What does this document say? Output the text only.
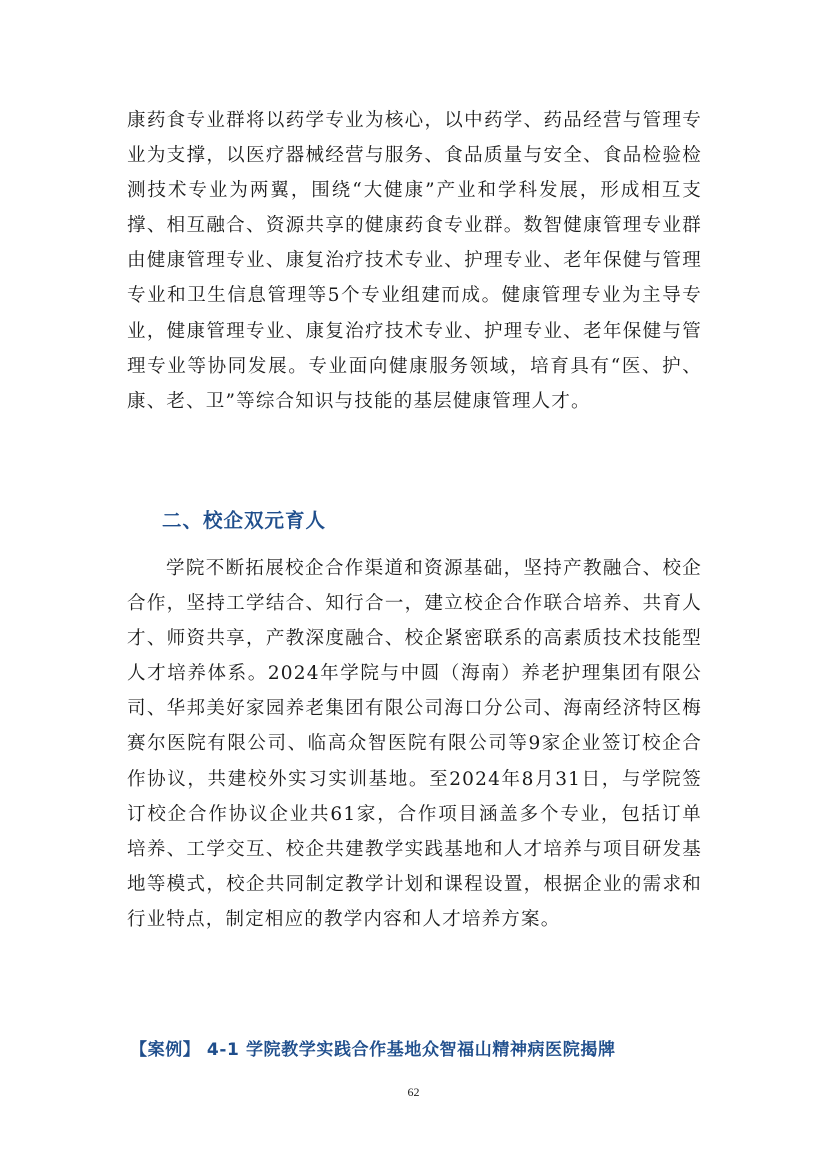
康药食专业群将以药学专业为核心，以中药学、药品经营与管理专业为支撑，以医疗器械经营与服务、食品质量与安全、食品检验检测技术专业为两翼，围绕“大健康”产业和学科发展，形成相互支撑、相互融合、资源共享的健康药食专业群。数智健康管理专业群由健康管理专业、康复治疗技术专业、护理专业、老年保健与管理专业和卫生信息管理等5个专业组建而成。健康管理专业为主导专业，健康管理专业、康复治疗技术专业、护理专业、老年保健与管理专业等协同发展。专业面向健康服务领域，培育具有“医、护、康、老、卫”等综合知识与技能的基层健康管理人才。

二、校企双元育人

学院不断拓展校企合作渠道和资源基础，坚持产教融合、校企合作，坚持工学结合、知行合一，建立校企合作联合培养、共育人才、师资共享，产教深度融合、校企紧密联系的高素质技术技能型人才培养体系。2024年学院与中圆（海南）养老护理集团有限公司、华邦美好家园养老集团有限公司海口分公司、海南经济特区梅赛尔医院有限公司、临高众智医院有限公司等9家企业签订校企合作协议，共建校外实习实训基地。至2024年8月31日，与学院签订校企合作协议企业共61家，合作项目涵盖多个专业，包括订单培养、工学交互、校企共建教学实践基地和人才培养与项目研发基地等模式，校企共同制定教学计划和课程设置，根据企业的需求和行业特点，制定相应的教学内容和人才培养方案。

【案例】 4-1 学院教学实践合作基地众智福山精神病医院揭牌

62
